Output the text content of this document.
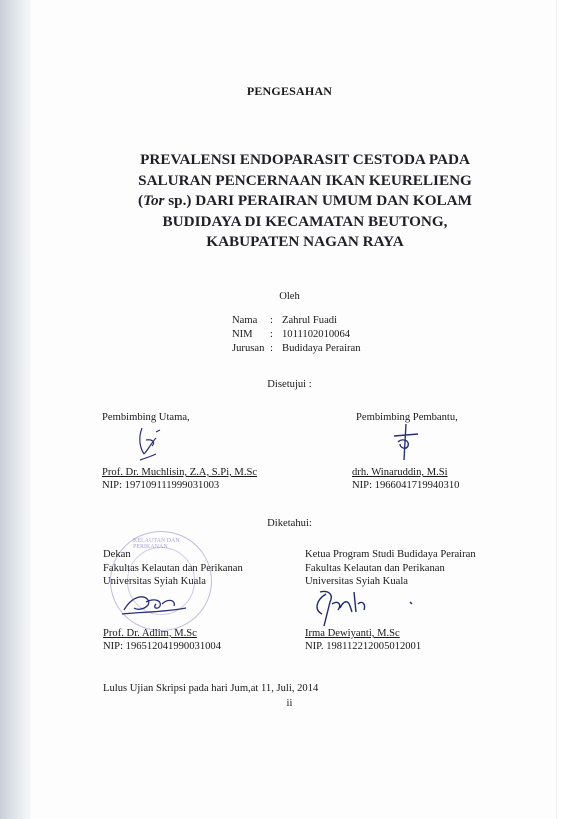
PENGESAHAN
PREVALENSI ENDOPARASIT CESTODA PADA
SALURAN PENCERNAAN IKAN KEURELIENG
(Tor sp.) DARI PERAIRAN UMUM DAN KOLAM
BUDIDAYA DI KECAMATAN BEUTONG,
KABUPATEN NAGAN RAYA
Oleh
Nama : Zahrul Fuadi
NIM : 1011102010064
Jurusan : Budidaya Perairan
Disetujui :
Pembimbing Utama,
Prof. Dr. Muchlisin, Z.A, S.Pi, M.Sc
NIP: 197109111999031003
Pembimbing Pembantu,
drh. Winaruddin, M.Si
NIP: 196604171994031​0
Diketahui:
KELAUTAN DAN PERIKANAN
Dekan
Fakultas Kelautan dan Perikanan
Universitas Syiah Kuala
Prof. Dr. Adlim, M.Sc
NIP: 196512041990031004
Ketua Program Studi Budidaya Perairan
Fakultas Kelautan dan Perikanan
Universitas Syiah Kuala
Irma Dewiyanti, M.Sc
NIP. 198112212005012001
Lulus Ujian Skripsi pada hari Jum,at 11, Juli, 2014
ii
